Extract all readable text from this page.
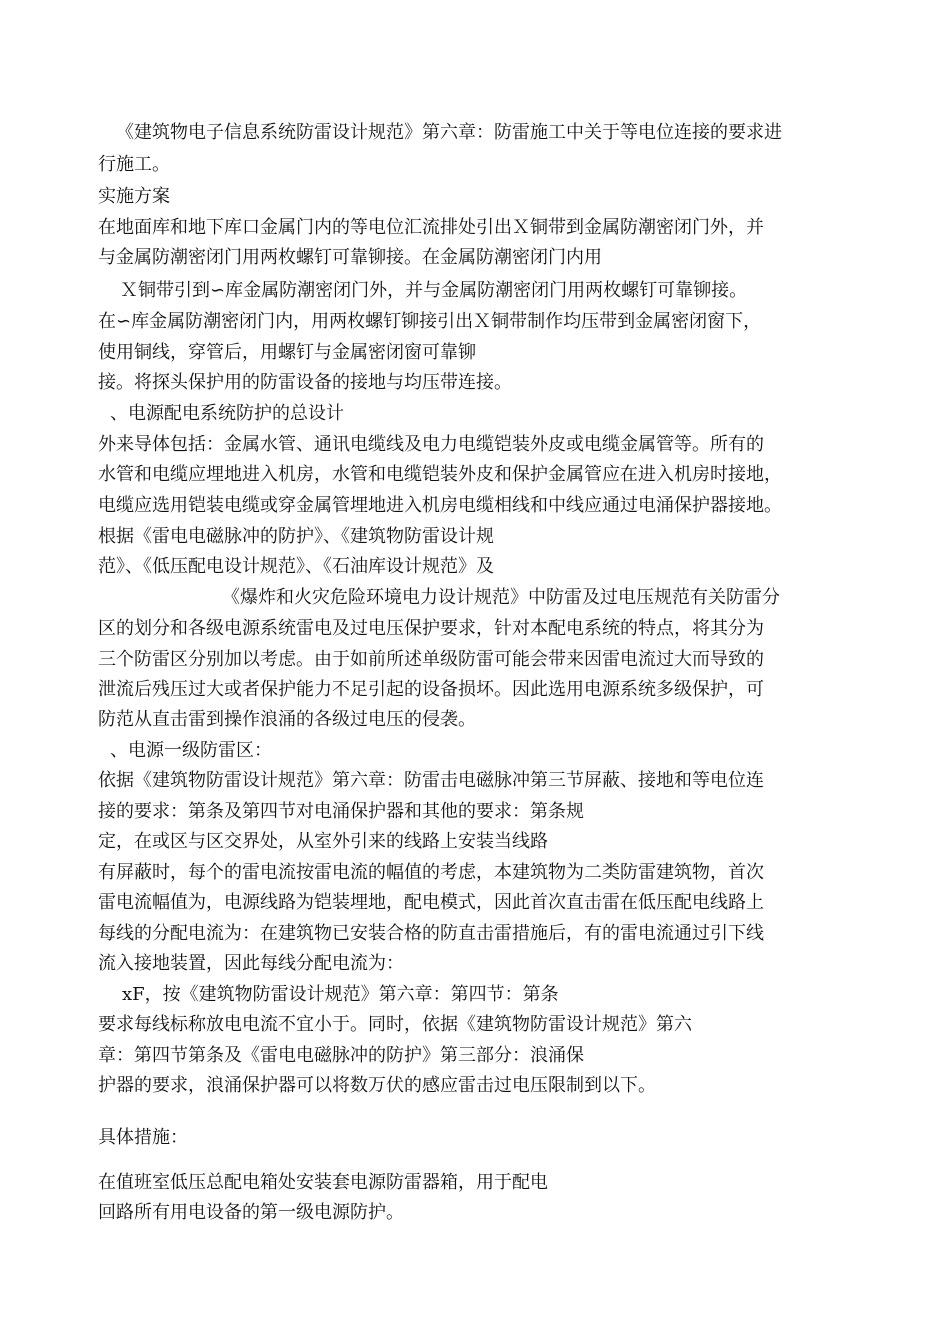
《建筑物电子信息系统防雷设计规范》第六章：防雷施工中关于等电位连接的要求进
行施工。
实施方案
在地面库和地下库口金属门内的等电位汇流排处引出Ｘ铜带到金属防潮密闭门外，并
与金属防潮密闭门用两枚螺钉可靠铆接。在金属防潮密闭门内用
Ｘ铜带引到∽库金属防潮密闭门外，并与金属防潮密闭门用两枚螺钉可靠铆接。
在∽库金属防潮密闭门内，用两枚螺钉铆接引出Ｘ铜带制作均压带到金属密闭窗下，
使用铜线，穿管后，用螺钉与金属密闭窗可靠铆
接。将探头保护用的防雷设备的接地与均压带连接。
、电源配电系统防护的总设计
外来导体包括：金属水管、通讯电缆线及电力电缆铠装外皮或电缆金属管等。所有的
水管和电缆应埋地进入机房，水管和电缆铠装外皮和保护金属管应在进入机房时接地，
电缆应选用铠装电缆或穿金属管埋地进入机房电缆相线和中线应通过电涌保护器接地。
根据《雷电电磁脉冲的防护》、《建筑物防雷设计规
范》、《低压配电设计规范》、《石油库设计规范》及
《爆炸和火灾危险环境电力设计规范》中防雷及过电压规范有关防雷分
区的划分和各级电源系统雷电及过电压保护要求，针对本配电系统的特点，将其分为
三个防雷区分别加以考虑。由于如前所述单级防雷可能会带来因雷电流过大而导致的
泄流后残压过大或者保护能力不足引起的设备损坏。因此选用电源系统多级保护，可
防范从直击雷到操作浪涌的各级过电压的侵袭。
、电源一级防雷区：
依据《建筑物防雷设计规范》第六章：防雷击电磁脉冲第三节屏蔽、接地和等电位连
接的要求：第条及第四节对电涌保护器和其他的要求：第条规
定，在或区与区交界处，从室外引来的线路上安装当线路
有屏蔽时，每个的雷电流按雷电流的幅值的考虑，本建筑物为二类防雷建筑物，首次
雷电流幅值为，电源线路为铠装埋地，配电模式，因此首次直击雷在低压配电线路上
每线的分配电流为：在建筑物已安装合格的防直击雷措施后，有的雷电流通过引下线
流入接地装置，因此每线分配电流为：
xF，按《建筑物防雷设计规范》第六章：第四节：第条
要求每线标称放电电流不宜小于。同时，依据《建筑物防雷设计规范》第六
章：第四节第条及《雷电电磁脉冲的防护》第三部分：浪涌保
护器的要求，浪涌保护器可以将数万伏的感应雷击过电压限制到以下。
具体措施：
在值班室低压总配电箱处安装套电源防雷器箱，用于配电
回路所有用电设备的第一级电源防护。
